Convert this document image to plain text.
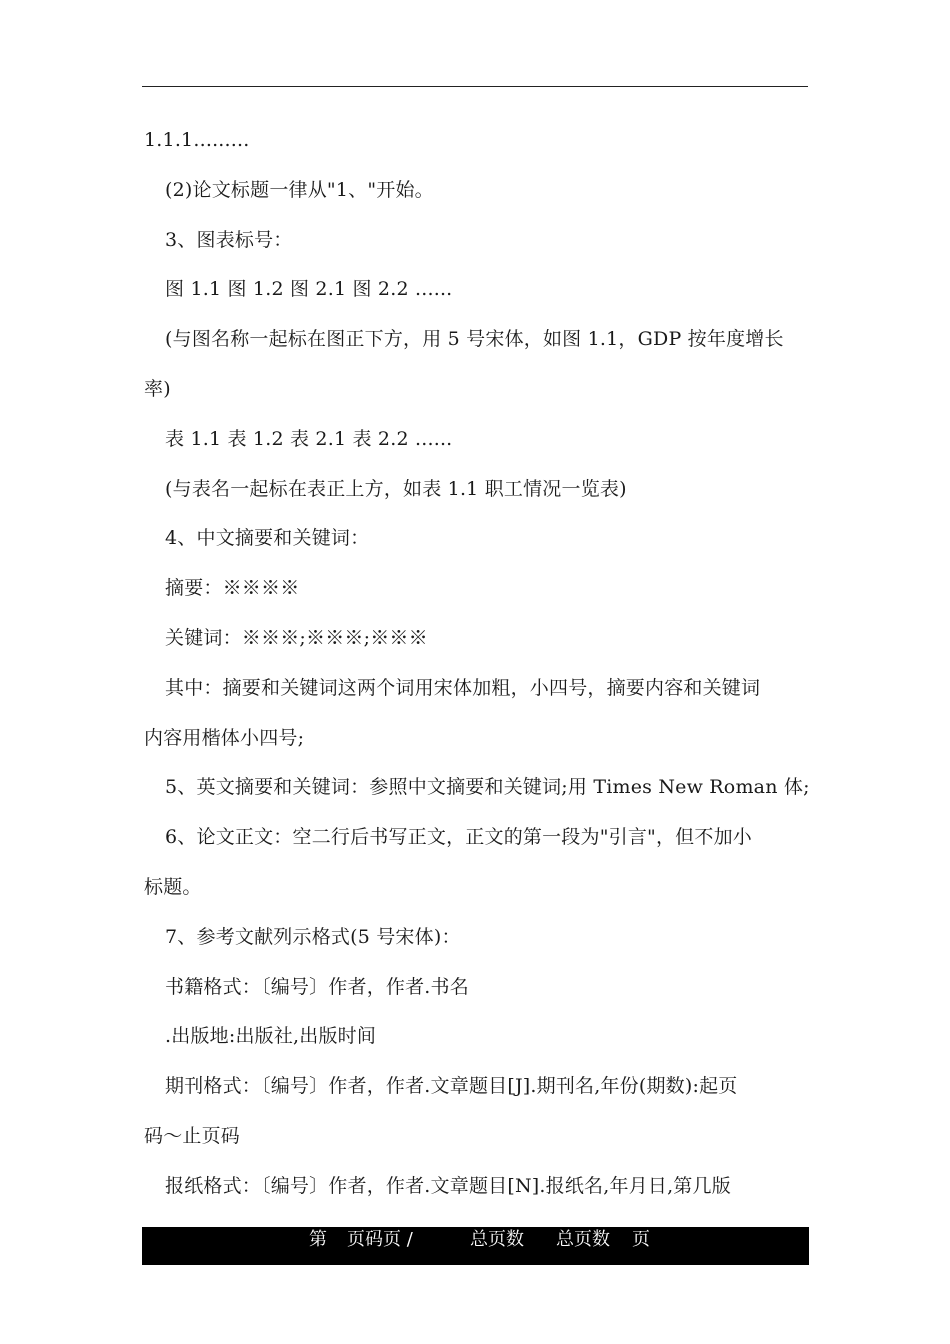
1.1.1.........
(2)论文标题一律从"1、"开始。
3、图表标号：
图 1.1 图 1.2 图 2.1 图 2.2 ......
(与图名称一起标在图正下方，用 5 号宋体，如图 1.1，GDP 按年度增长
率)
表 1.1 表 1.2 表 2.1 表 2.2 ......
(与表名一起标在表正上方，如表 1.1 职工情况一览表)
4、中文摘要和关键词：
摘要：※※※※
关键词：※※※;※※※;※※※
其中：摘要和关键词这两个词用宋体加粗，小四号，摘要内容和关键词
内容用楷体小四号;
5、英文摘要和关键词：参照中文摘要和关键词;用 Times New Roman 体;
6、论文正文：空二行后书写正文，正文的第一段为"引言"，但不加小
标题。
7、参考文献列示格式(5 号宋体)：
书籍格式：〔编号〕作者，作者.书名
.出版地:出版社,出版时间
期刊格式：〔编号〕作者，作者.文章题目[J].期刊名,年份(期数):起页
码～止页码
报纸格式：〔编号〕作者，作者.文章题目[N].报纸名,年月日,第几版
第 页码页 /	总页数 总页数 页
